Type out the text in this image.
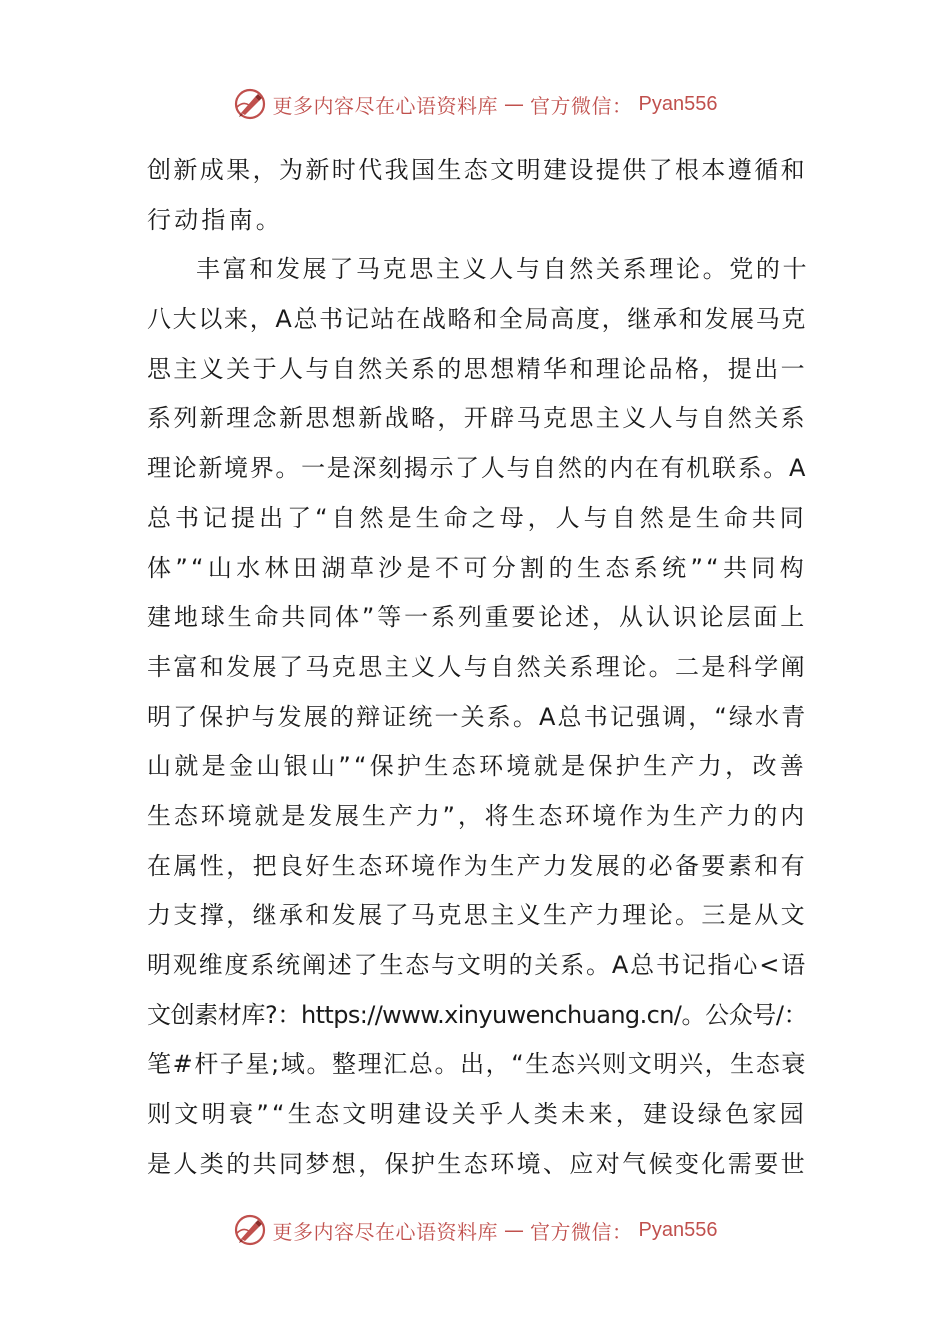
更多内容尽在心语资料库 — 官方微信： Pyan556
创新成果，为新时代我国生态文明建设提供了根本遵循和
行动指南。
丰富和发展了马克思主义人与自然关系理论。党的十
八大以来，A总书记站在战略和全局高度，继承和发展马克
思主义关于人与自然关系的思想精华和理论品格，提出一
系列新理念新思想新战略，开辟马克思主义人与自然关系
理论新境界。一是深刻揭示了人与自然的内在有机联系。A
总书记提出了“自然是生命之母，人与自然是生命共同
体”“山水林田湖草沙是不可分割的生态系统”“共同构
建地球生命共同体”等一系列重要论述，从认识论层面上
丰富和发展了马克思主义人与自然关系理论。二是科学阐
明了保护与发展的辩证统一关系。A总书记强调，“绿水青
山就是金山银山”“保护生态环境就是保护生产力，改善
生态环境就是发展生产力”，将生态环境作为生产力的内
在属性，把良好生态环境作为生产力发展的必备要素和有
力支撑，继承和发展了马克思主义生产力理论。三是从文
明观维度系统阐述了生态与文明的关系。A总书记指心<语
文创素材库?：https://www.xinyuwenchuang.cn/。公众号/：
笔#杆子星;域。整理汇总。出，“生态兴则文明兴，生态衰
则文明衰”“生态文明建设关乎人类未来，建设绿色家园
是人类的共同梦想，保护生态环境、应对气候变化需要世
更多内容尽在心语资料库 — 官方微信： Pyan556
